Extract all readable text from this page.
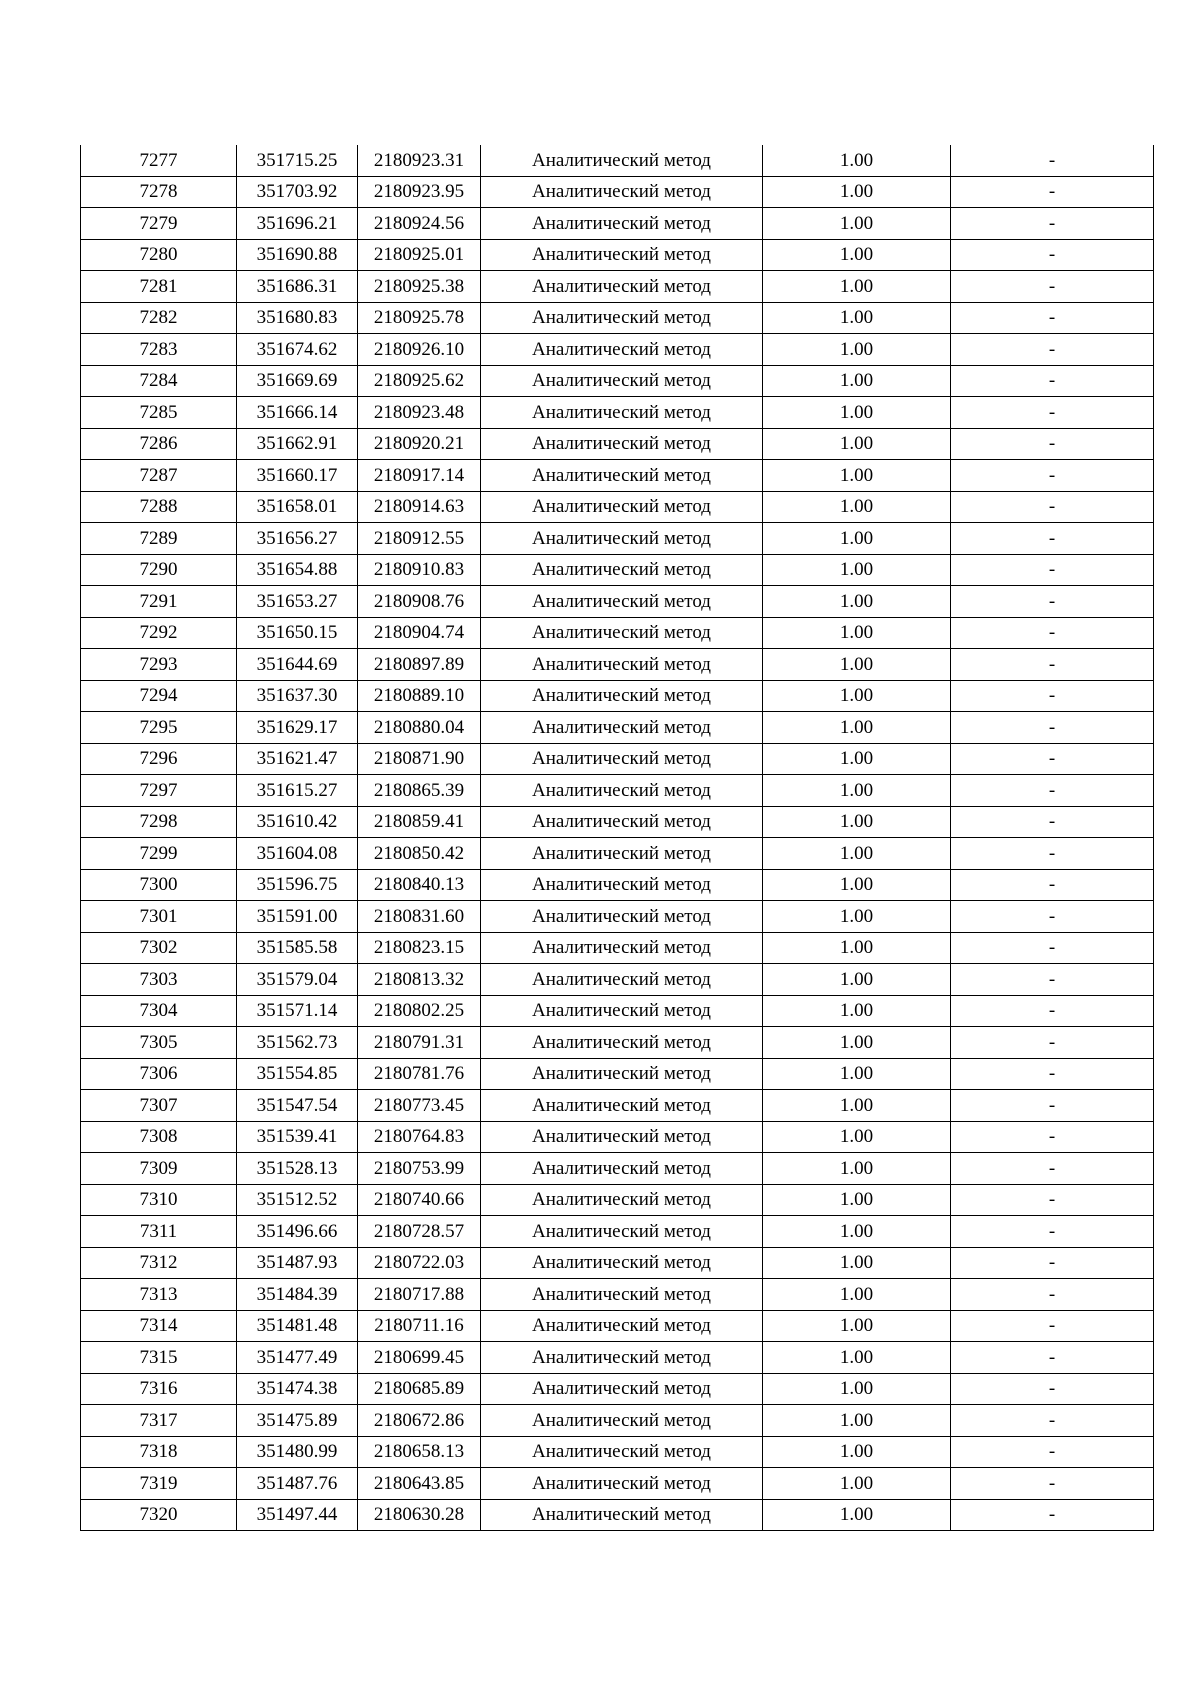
7277	351715.25	2180923.31	Аналитический метод	1.00	-
7278	351703.92	2180923.95	Аналитический метод	1.00	-
7279	351696.21	2180924.56	Аналитический метод	1.00	-
7280	351690.88	2180925.01	Аналитический метод	1.00	-
7281	351686.31	2180925.38	Аналитический метод	1.00	-
7282	351680.83	2180925.78	Аналитический метод	1.00	-
7283	351674.62	2180926.10	Аналитический метод	1.00	-
7284	351669.69	2180925.62	Аналитический метод	1.00	-
7285	351666.14	2180923.48	Аналитический метод	1.00	-
7286	351662.91	2180920.21	Аналитический метод	1.00	-
7287	351660.17	2180917.14	Аналитический метод	1.00	-
7288	351658.01	2180914.63	Аналитический метод	1.00	-
7289	351656.27	2180912.55	Аналитический метод	1.00	-
7290	351654.88	2180910.83	Аналитический метод	1.00	-
7291	351653.27	2180908.76	Аналитический метод	1.00	-
7292	351650.15	2180904.74	Аналитический метод	1.00	-
7293	351644.69	2180897.89	Аналитический метод	1.00	-
7294	351637.30	2180889.10	Аналитический метод	1.00	-
7295	351629.17	2180880.04	Аналитический метод	1.00	-
7296	351621.47	2180871.90	Аналитический метод	1.00	-
7297	351615.27	2180865.39	Аналитический метод	1.00	-
7298	351610.42	2180859.41	Аналитический метод	1.00	-
7299	351604.08	2180850.42	Аналитический метод	1.00	-
7300	351596.75	2180840.13	Аналитический метод	1.00	-
7301	351591.00	2180831.60	Аналитический метод	1.00	-
7302	351585.58	2180823.15	Аналитический метод	1.00	-
7303	351579.04	2180813.32	Аналитический метод	1.00	-
7304	351571.14	2180802.25	Аналитический метод	1.00	-
7305	351562.73	2180791.31	Аналитический метод	1.00	-
7306	351554.85	2180781.76	Аналитический метод	1.00	-
7307	351547.54	2180773.45	Аналитический метод	1.00	-
7308	351539.41	2180764.83	Аналитический метод	1.00	-
7309	351528.13	2180753.99	Аналитический метод	1.00	-
7310	351512.52	2180740.66	Аналитический метод	1.00	-
7311	351496.66	2180728.57	Аналитический метод	1.00	-
7312	351487.93	2180722.03	Аналитический метод	1.00	-
7313	351484.39	2180717.88	Аналитический метод	1.00	-
7314	351481.48	2180711.16	Аналитический метод	1.00	-
7315	351477.49	2180699.45	Аналитический метод	1.00	-
7316	351474.38	2180685.89	Аналитический метод	1.00	-
7317	351475.89	2180672.86	Аналитический метод	1.00	-
7318	351480.99	2180658.13	Аналитический метод	1.00	-
7319	351487.76	2180643.85	Аналитический метод	1.00	-
7320	351497.44	2180630.28	Аналитический метод	1.00	-
